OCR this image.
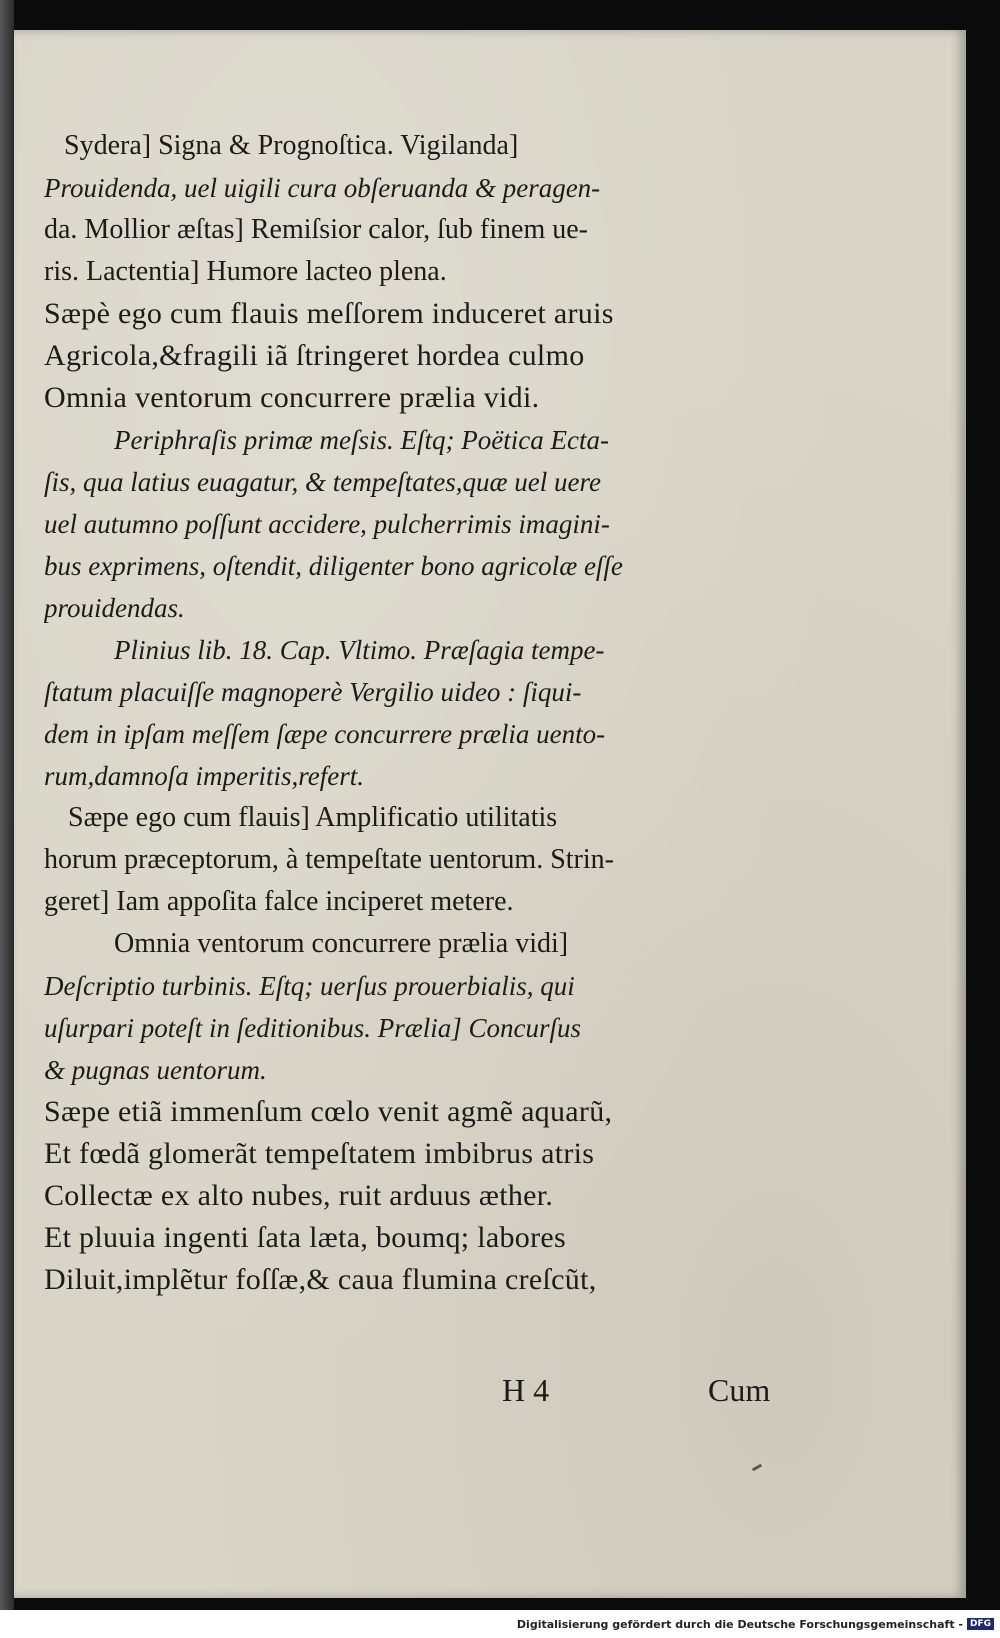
Sydera] Signa & Prognoſtica. Vigilanda]
Prouidenda, uel uigili cura obſeruanda & peragen-
da. Mollior æſtas] Remiſsior calor, ſub finem ue-
ris. Lactentia] Humore lacteo plena.
Sæpè ego cum flauis meſſorem induceret aruis
Agricola,&fragili iã ſtringeret hordea culmo
Omnia ventorum concurrere prælia vidi.
Periphraſis primæ meſsis. Eſtq; Poëtica Ecta-
ſis, qua latius euagatur, & tempeſtates,quæ uel uere
uel autumno poſſunt accidere, pulcherrimis imagini-
bus exprimens, oſtendit, diligenter bono agricolæ eſſe
prouidendas.
Plinius lib. 18. Cap. Vltimo. Præſagia tempe-
ſtatum placuiſſe magnoperè Vergilio uideo : ſiqui-
dem in ipſam meſſem ſæpe concurrere prælia uento-
rum,damnoſa imperitis,refert.
Sæpe ego cum flauis] Amplificatio utilitatis
horum præceptorum, à tempeſtate uentorum. Strin-
geret] Iam appoſita falce inciperet metere.
Omnia ventorum concurrere prælia vidi]
Deſcriptio turbinis. Eſtq; uerſus prouerbialis, qui
uſurpari poteſt in ſeditionibus. Prælia] Concurſus
& pugnas uentorum.
Sæpe etiã immenſum cœlo venit agmẽ aquarũ,
Et fœdã glomerãt tempeſtatem imbibrus atris
Collectæ ex alto nubes, ruit arduus æther.
Et pluuia ingenti ſata læta, boumq; labores
Diluit,implẽtur foſſæ,& caua flumina creſcũt,
H 4	Cum
Digitalisierung gefördert durch die Deutsche Forschungsgemeinschaft - DFG
